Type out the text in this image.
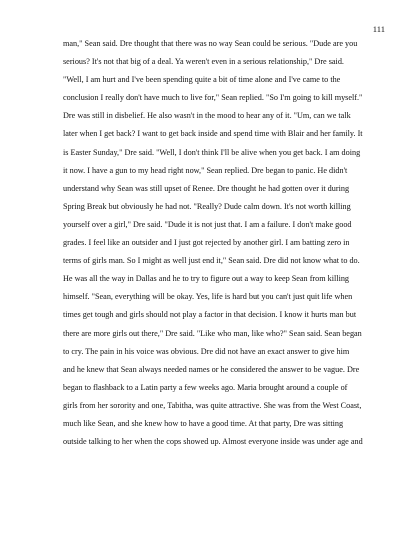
111
man," Sean said. Dre thought that there was no way Sean could be serious. "Dude are you
serious? It's not that big of a deal. Ya weren't even in a serious relationship," Dre said.
"Well, I am hurt and I've been spending quite a bit of time alone and I've came to the
conclusion I really don't have much to live for," Sean replied. "So I'm going to kill myself."
Dre was still in disbelief. He also wasn't in the mood to hear any of it. "Um, can we talk
later when I get back? I want to get back inside and spend time with Blair and her family. It
is Easter Sunday," Dre said. "Well, I don't think I'll be alive when you get back. I am doing
it now. I have a gun to my head right now," Sean replied. Dre began to panic. He didn't
understand why Sean was still upset of Renee. Dre thought he had gotten over it during
Spring Break but obviously he had not. "Really? Dude calm down. It's not worth killing
yourself over a girl," Dre said. "Dude it is not just that. I am a failure. I don't make good
grades. I feel like an outsider and I just got rejected by another girl. I am batting zero in
terms of girls man. So I might as well just end it," Sean said. Dre did not know what to do.
He was all the way in Dallas and he to try to figure out a way to keep Sean from killing
himself. "Sean, everything will be okay. Yes, life is hard but you can't just quit life when
times get tough and girls should not play a factor in that decision. I know it hurts man but
there are more girls out there," Dre said. "Like who man, like who?" Sean said. Sean began
to cry. The pain in his voice was obvious. Dre did not have an exact answer to give him
and he knew that Sean always needed names or he considered the answer to be vague. Dre
began to flashback to a Latin party a few weeks ago. Maria brought around a couple of
girls from her sorority and one, Tabitha, was quite attractive. She was from the West Coast,
much like Sean, and she knew how to have a good time. At that party, Dre was sitting
outside talking to her when the cops showed up. Almost everyone inside was under age and
